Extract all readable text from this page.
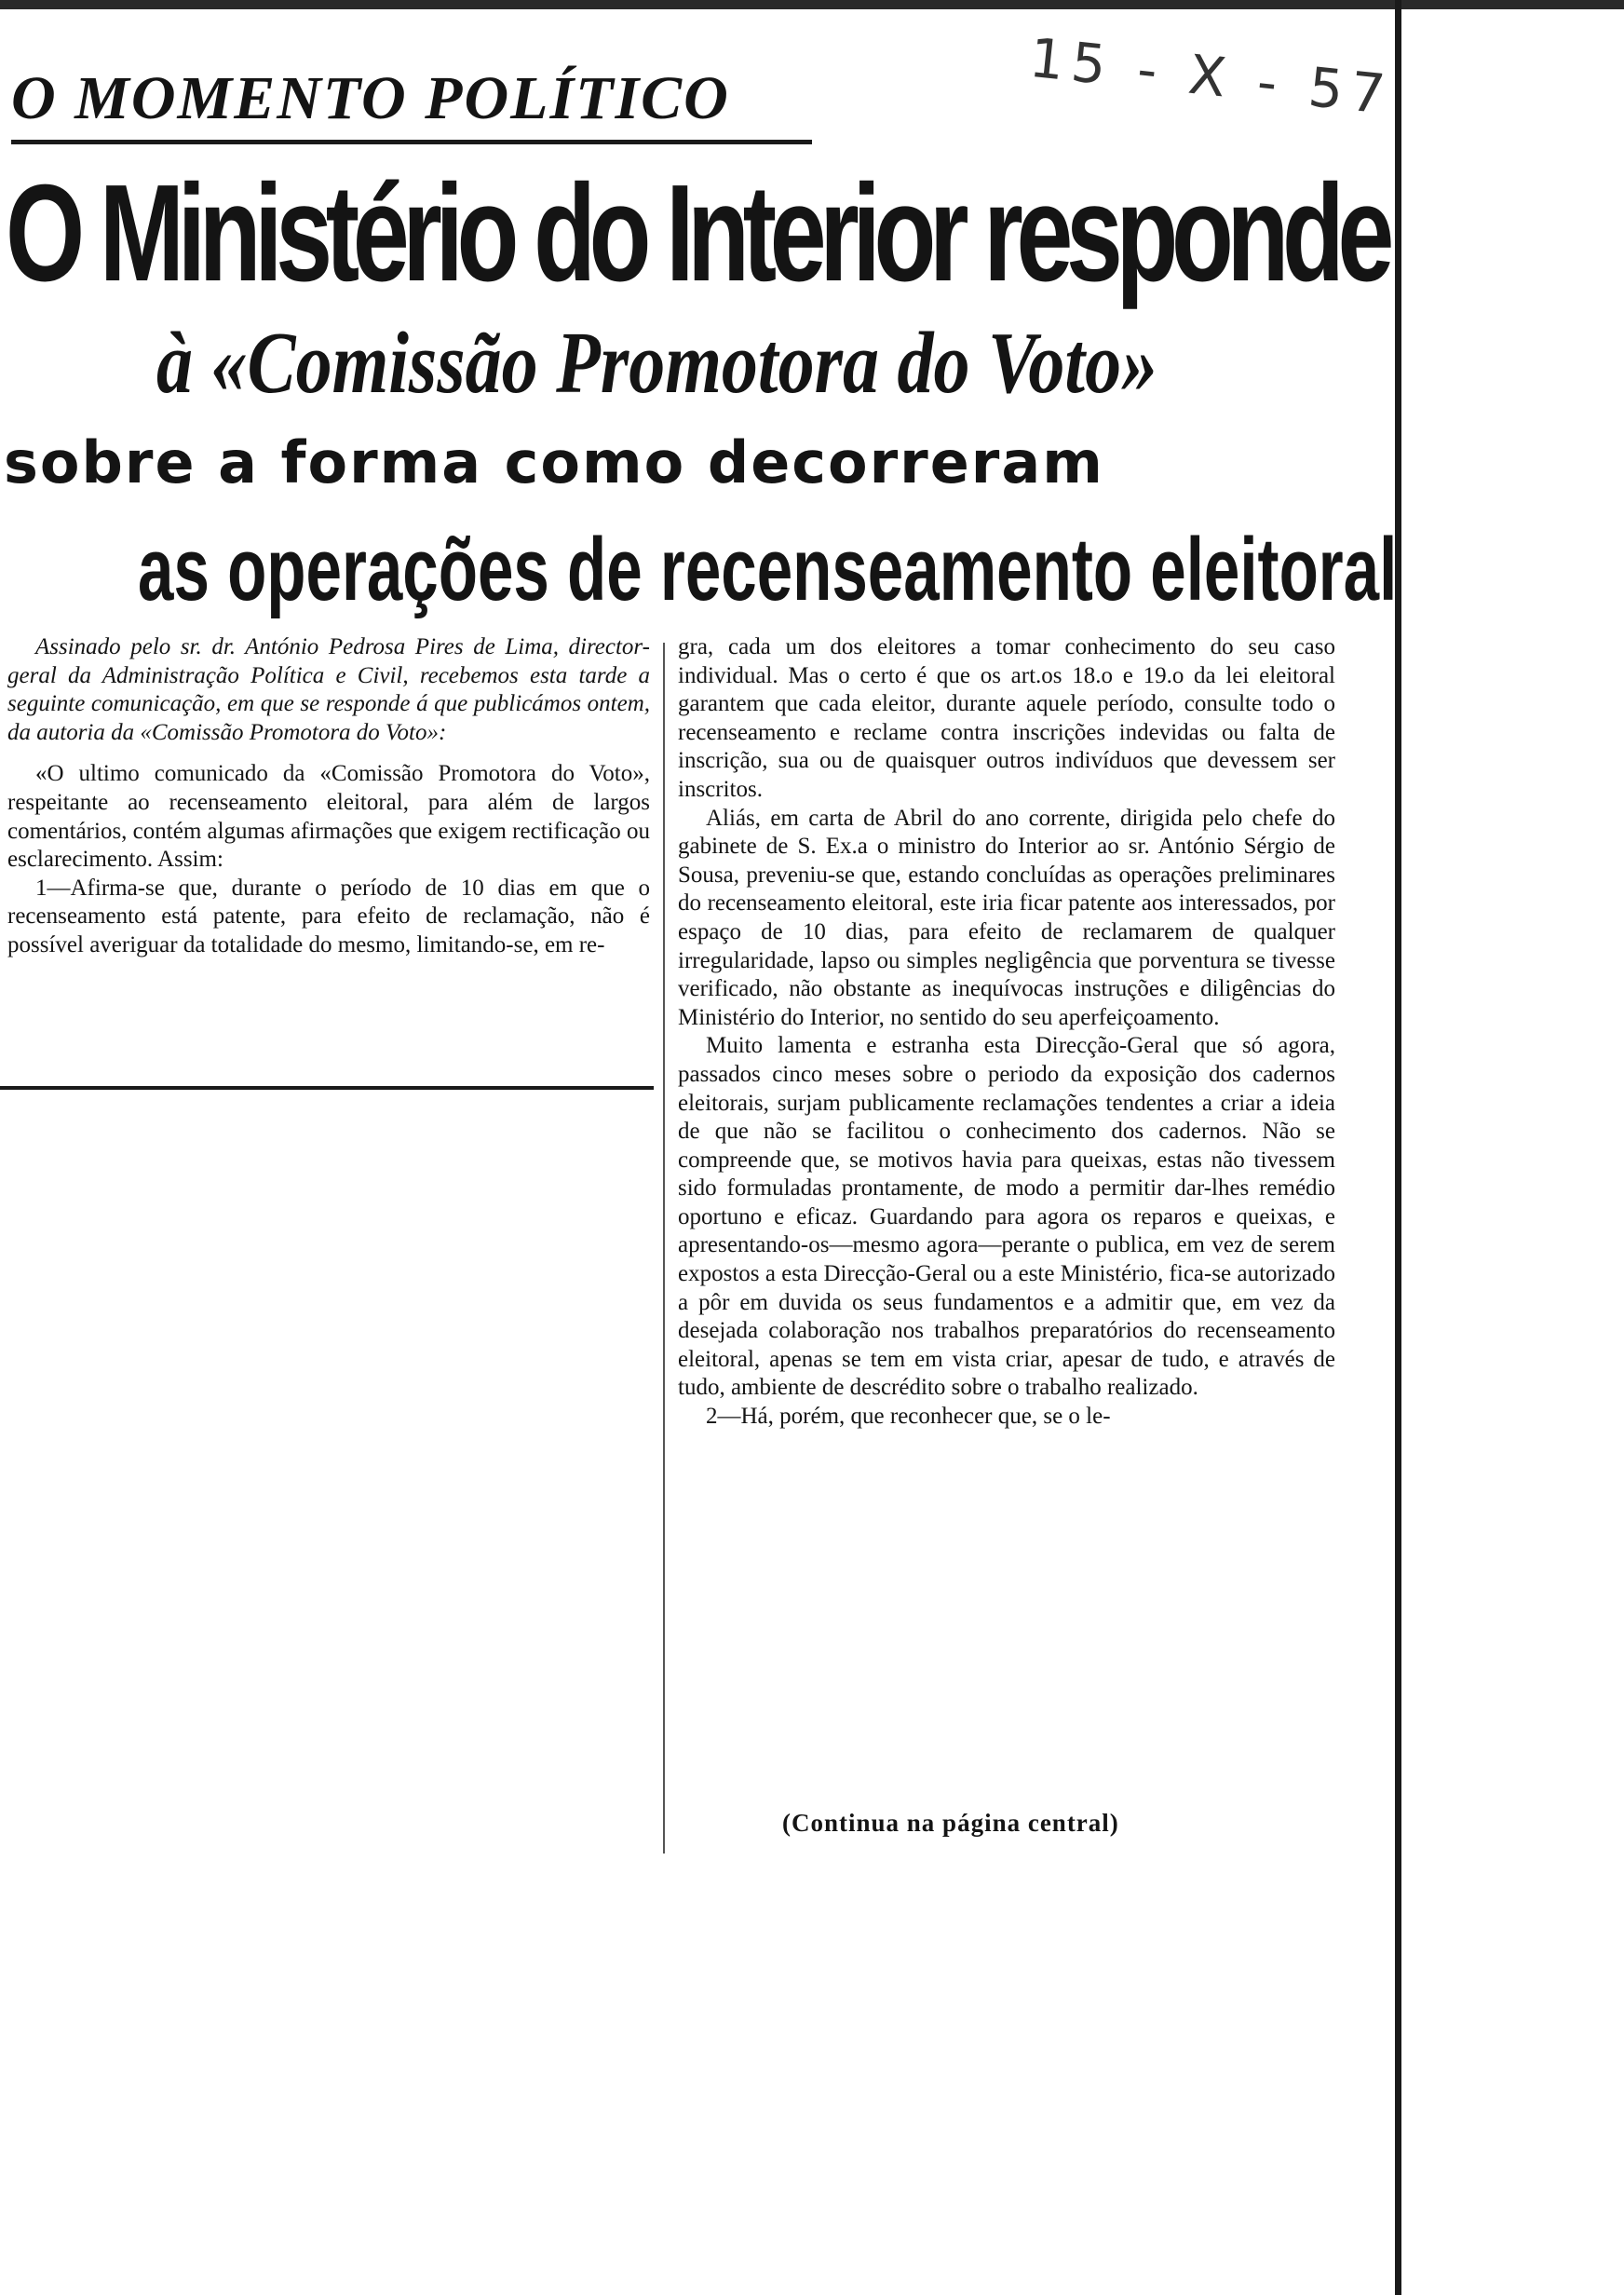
15 - X - 57
O MOMENTO POLÍTICO
O Ministério do Interior responde
à «Comissão Promotora do Voto»
sobre a forma como decorreram
as operações de recenseamento eleitoral

Assinado pelo sr. dr. António Pedrosa Pires de Lima, director-geral da Administração Política e Civil, recebemos esta tarde a seguinte comunicação, em que se responde á que publicámos ontem, da autoria da «Comissão Promotora do Voto»:

«O ultimo comunicado da «Comissão Promotora do Voto», respeitante ao recenseamento eleitoral, para além de largos comentários, contém algumas afirmações que exigem rectificação ou esclarecimento. Assim:

1—Afirma-se que, durante o período de 10 dias em que o recenseamento está patente, para efeito de reclamação, não é possível averiguar da totalidade do mesmo, limitando-se, em re-

gra, cada um dos eleitores a tomar conhecimento do seu caso individual. Mas o certo é que os art.os 18.o e 19.o da lei eleitoral garantem que cada eleitor, durante aquele período, consulte todo o recenseamento e reclame contra inscrições indevidas ou falta de inscrição, sua ou de quaisquer outros indivíduos que devessem ser inscritos.

Aliás, em carta de Abril do ano corrente, dirigida pelo chefe do gabinete de S. Ex.a o ministro do Interior ao sr. António Sérgio de Sousa, preveniu-se que, estando concluídas as operações preliminares do recenseamento eleitoral, este iria ficar patente aos interessados, por espaço de 10 dias, para efeito de reclamarem de qualquer irregularidade, lapso ou simples negligência que porventura se tivesse verificado, não obstante as inequívocas instruções e diligências do Ministério do Interior, no sentido do seu aperfeiçoamento.

Muito lamenta e estranha esta Direcção-Geral que só agora, passados cinco meses sobre o periodo da exposição dos cadernos eleitorais, surjam publicamente reclamações tendentes a criar a ideia de que não se facilitou o conhecimento dos cadernos. Não se compreende que, se motivos havia para queixas, estas não tivessem sido formuladas prontamente, de modo a permitir dar-lhes remédio oportuno e eficaz. Guardando para agora os reparos e queixas, e apresentando-os—mesmo agora—perante o publica, em vez de serem expostos a esta Direcção-Geral ou a este Ministério, fica-se autorizado a pôr em duvida os seus fundamentos e a admitir que, em vez da desejada colaboração nos trabalhos preparatórios do recenseamento eleitoral, apenas se tem em vista criar, apesar de tudo, e através de tudo, ambiente de descrédito sobre o trabalho realizado.

2—Há, porém, que reconhecer que, se o le-

(Continua na página central)
